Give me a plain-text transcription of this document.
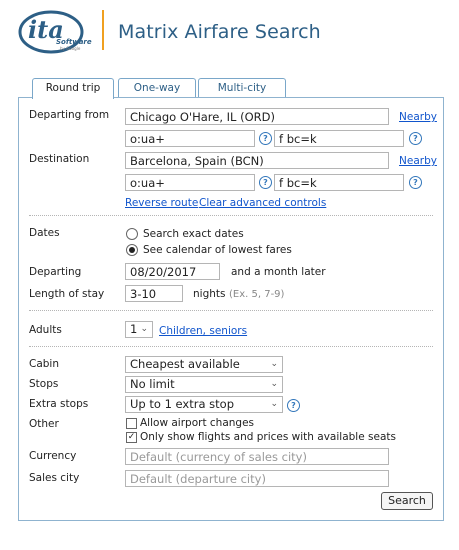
ita
Software
by Google
Matrix Airfare Search
Round trip	One-way	Multi-city
Departing from	Chicago O'Hare, IL (ORD)	Nearby
o:ua+	? f bc=k	?
Destination	Barcelona, Spain (BCN)	Nearby
o:ua+	? f bc=k	?
Reverse route Clear advanced controls
Dates	Search exact dates
See calendar of lowest fares
Departing	08/20/2017	and a month later
Length of stay	3-10	nights (Ex. 5, 7-9)
Adults	1 ⌄ Children, seniors
Cabin	Cheapest available	⌄
Stops	No limit	⌄
Extra stops	Up to 1 extra stop	⌄	?
Other	Allow airport changes
✓ Only show flights and prices with available seats
Currency	Default (currency of sales city)
Sales city	Default (departure city)
Search
